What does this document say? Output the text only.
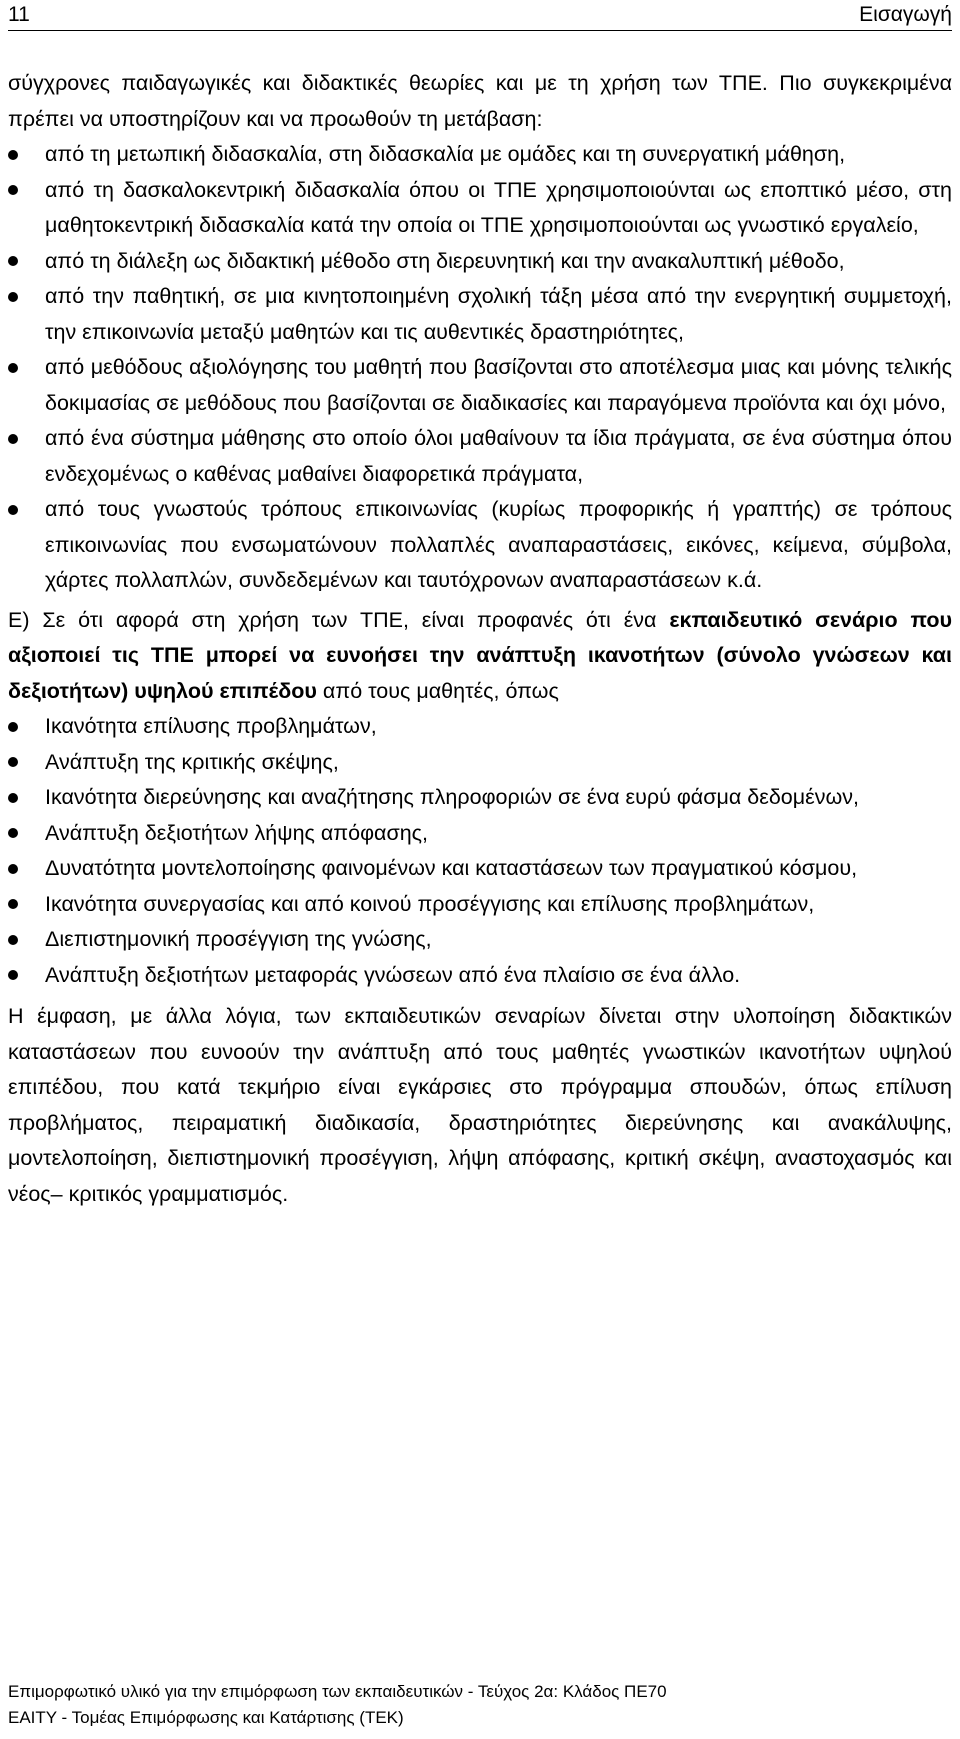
11	Εισαγωγή

σύγχρονες παιδαγωγικές και διδακτικές θεωρίες και με τη χρήση των ΤΠΕ. Πιο συγκεκριμένα πρέπει να υποστηρίζουν και να προωθούν τη μετάβαση:

από τη μετωπική διδασκαλία, στη διδασκαλία με ομάδες και τη συνεργατική μάθηση,
από τη δασκαλοκεντρική διδασκαλία όπου οι ΤΠΕ χρησιμοποιούνται ως εποπτικό μέσο, στη μαθητοκεντρική διδασκαλία κατά την οποία οι ΤΠΕ χρησιμοποιούνται ως γνωστικό εργαλείο,
από τη διάλεξη ως διδακτική μέθοδο στη διερευνητική και την ανακαλυπτική μέθοδο,
από την παθητική, σε μια κινητοποιημένη σχολική τάξη μέσα από την ενεργητική συμμετοχή, την επικοινωνία μεταξύ μαθητών και τις αυθεντικές δραστηριότητες,
από μεθόδους αξιολόγησης του μαθητή που βασίζονται στο αποτέλεσμα μιας και μόνης τελικής δοκιμασίας σε μεθόδους που βασίζονται σε διαδικασίες και παραγόμενα προϊόντα και όχι μόνο,
από ένα σύστημα μάθησης στο οποίο όλοι μαθαίνουν τα ίδια πράγματα, σε ένα σύστημα όπου ενδεχομένως ο καθένας μαθαίνει διαφορετικά πράγματα,
από τους γνωστούς τρόπους επικοινωνίας (κυρίως προφορικής ή γραπτής) σε τρόπους επικοινωνίας που ενσωματώνουν πολλαπλές αναπαραστάσεις, εικόνες, κείμενα, σύμβολα, χάρτες πολλαπλών, συνδεδεμένων και ταυτόχρονων αναπαραστάσεων κ.ά.

Ε) Σε ότι αφορά στη χρήση των ΤΠΕ, είναι προφανές ότι ένα εκπαιδευτικό σενάριο που αξιοποιεί τις ΤΠΕ μπορεί να ευνοήσει την ανάπτυξη ικανοτήτων (σύνολο γνώσεων και δεξιοτήτων) υψηλού επιπέδου από τους μαθητές, όπως

Ικανότητα επίλυσης προβλημάτων,
Ανάπτυξη της κριτικής σκέψης,
Ικανότητα διερεύνησης και αναζήτησης πληροφοριών σε ένα ευρύ φάσμα δεδομένων,
Ανάπτυξη δεξιοτήτων λήψης απόφασης,
Δυνατότητα μοντελοποίησης φαινομένων και καταστάσεων των πραγματικού κόσμου,
Ικανότητα συνεργασίας και από κοινού προσέγγισης και επίλυσης προβλημάτων,
Διεπιστημονική προσέγγιση της γνώσης,
Ανάπτυξη δεξιοτήτων μεταφοράς γνώσεων από ένα πλαίσιο σε ένα άλλο.

Η έμφαση, με άλλα λόγια, των εκπαιδευτικών σεναρίων δίνεται στην υλοποίηση διδακτικών καταστάσεων που ευνοούν την ανάπτυξη από τους μαθητές γνωστικών ικανοτήτων υψηλού επιπέδου, που κατά τεκμήριο είναι εγκάρσιες στο πρόγραμμα σπουδών, όπως επίλυση προβλήματος, πειραματική διαδικασία, δραστηριότητες διερεύνησης και ανακάλυψης, μοντελοποίηση, διεπιστημονική προσέγγιση, λήψη απόφασης, κριτική σκέψη, αναστοχασμός και νέος– κριτικός γραμματισμός.

Επιμορφωτικό υλικό για την επιμόρφωση των εκπαιδευτικών - Τεύχος 2α: Κλάδος ΠΕ70
ΕΑΙΤΥ - Τομέας Επιμόρφωσης και Κατάρτισης (ΤΕΚ)
